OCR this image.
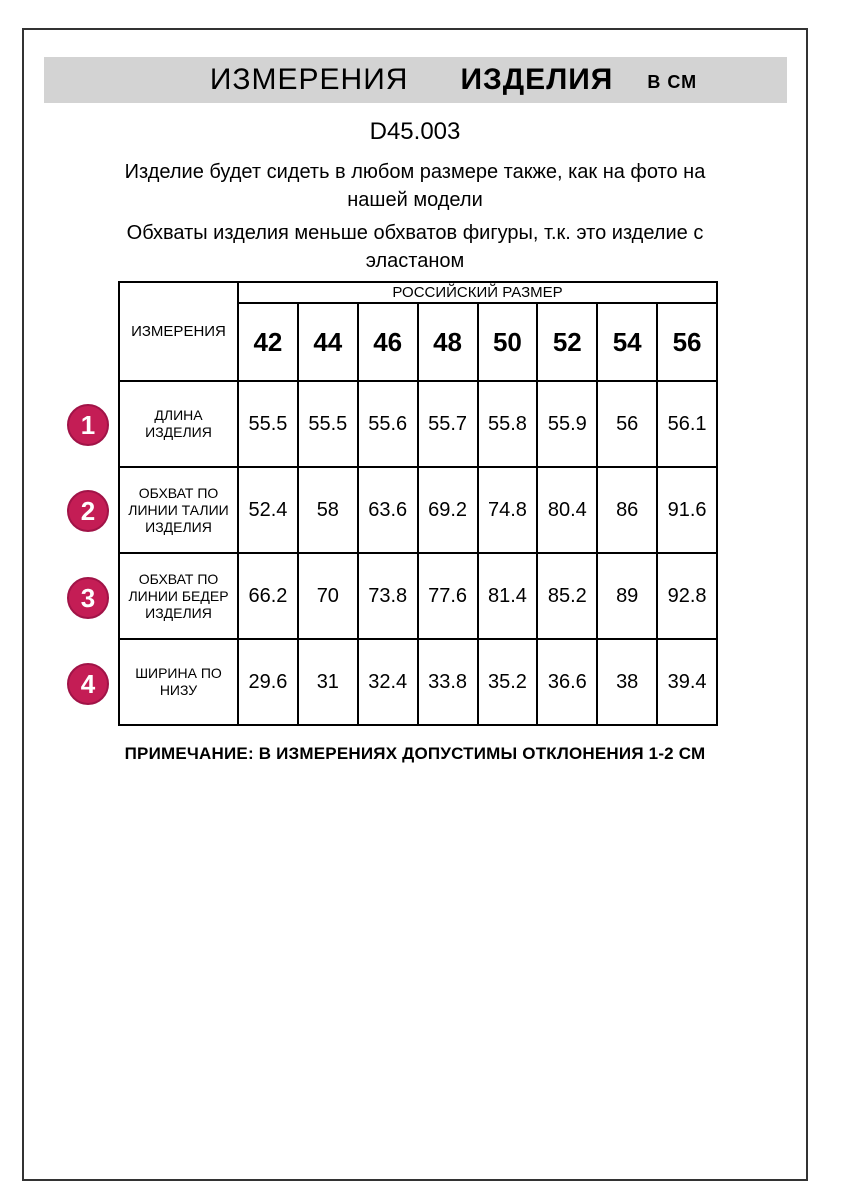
ИЗМЕРЕНИЯ ИЗДЕЛИЯ В СМ
D45.003

Изделие будет сидеть в любом размере также, как на фото на нашей модели

Обхваты изделия меньше обхватов фигуры, т.к. это изделие с эластаном

1
2
3
4
ИЗМЕРЕНИЯ	РОССИЙСКИЙ РАЗМЕР							
	42	44	46	48	50	52	54	56
ДЛИНА ИЗДЕЛИЯ	55.5	55.5	55.6	55.7	55.8	55.9	56	56.1
ОБХВАТ ПО ЛИНИИ ТАЛИИ ИЗДЕЛИЯ	52.4	58	63.6	69.2	74.8	80.4	86	91.6
ОБХВАТ ПО ЛИНИИ БЕДЕР ИЗДЕЛИЯ	66.2	70	73.8	77.6	81.4	85.2	89	92.8
ШИРИНА ПО НИЗУ	29.6	31	32.4	33.8	35.2	36.6	38	39.4
ПРИМЕЧАНИЕ: В ИЗМЕРЕНИЯХ ДОПУСТИМЫ ОТКЛОНЕНИЯ 1-2 СМ
